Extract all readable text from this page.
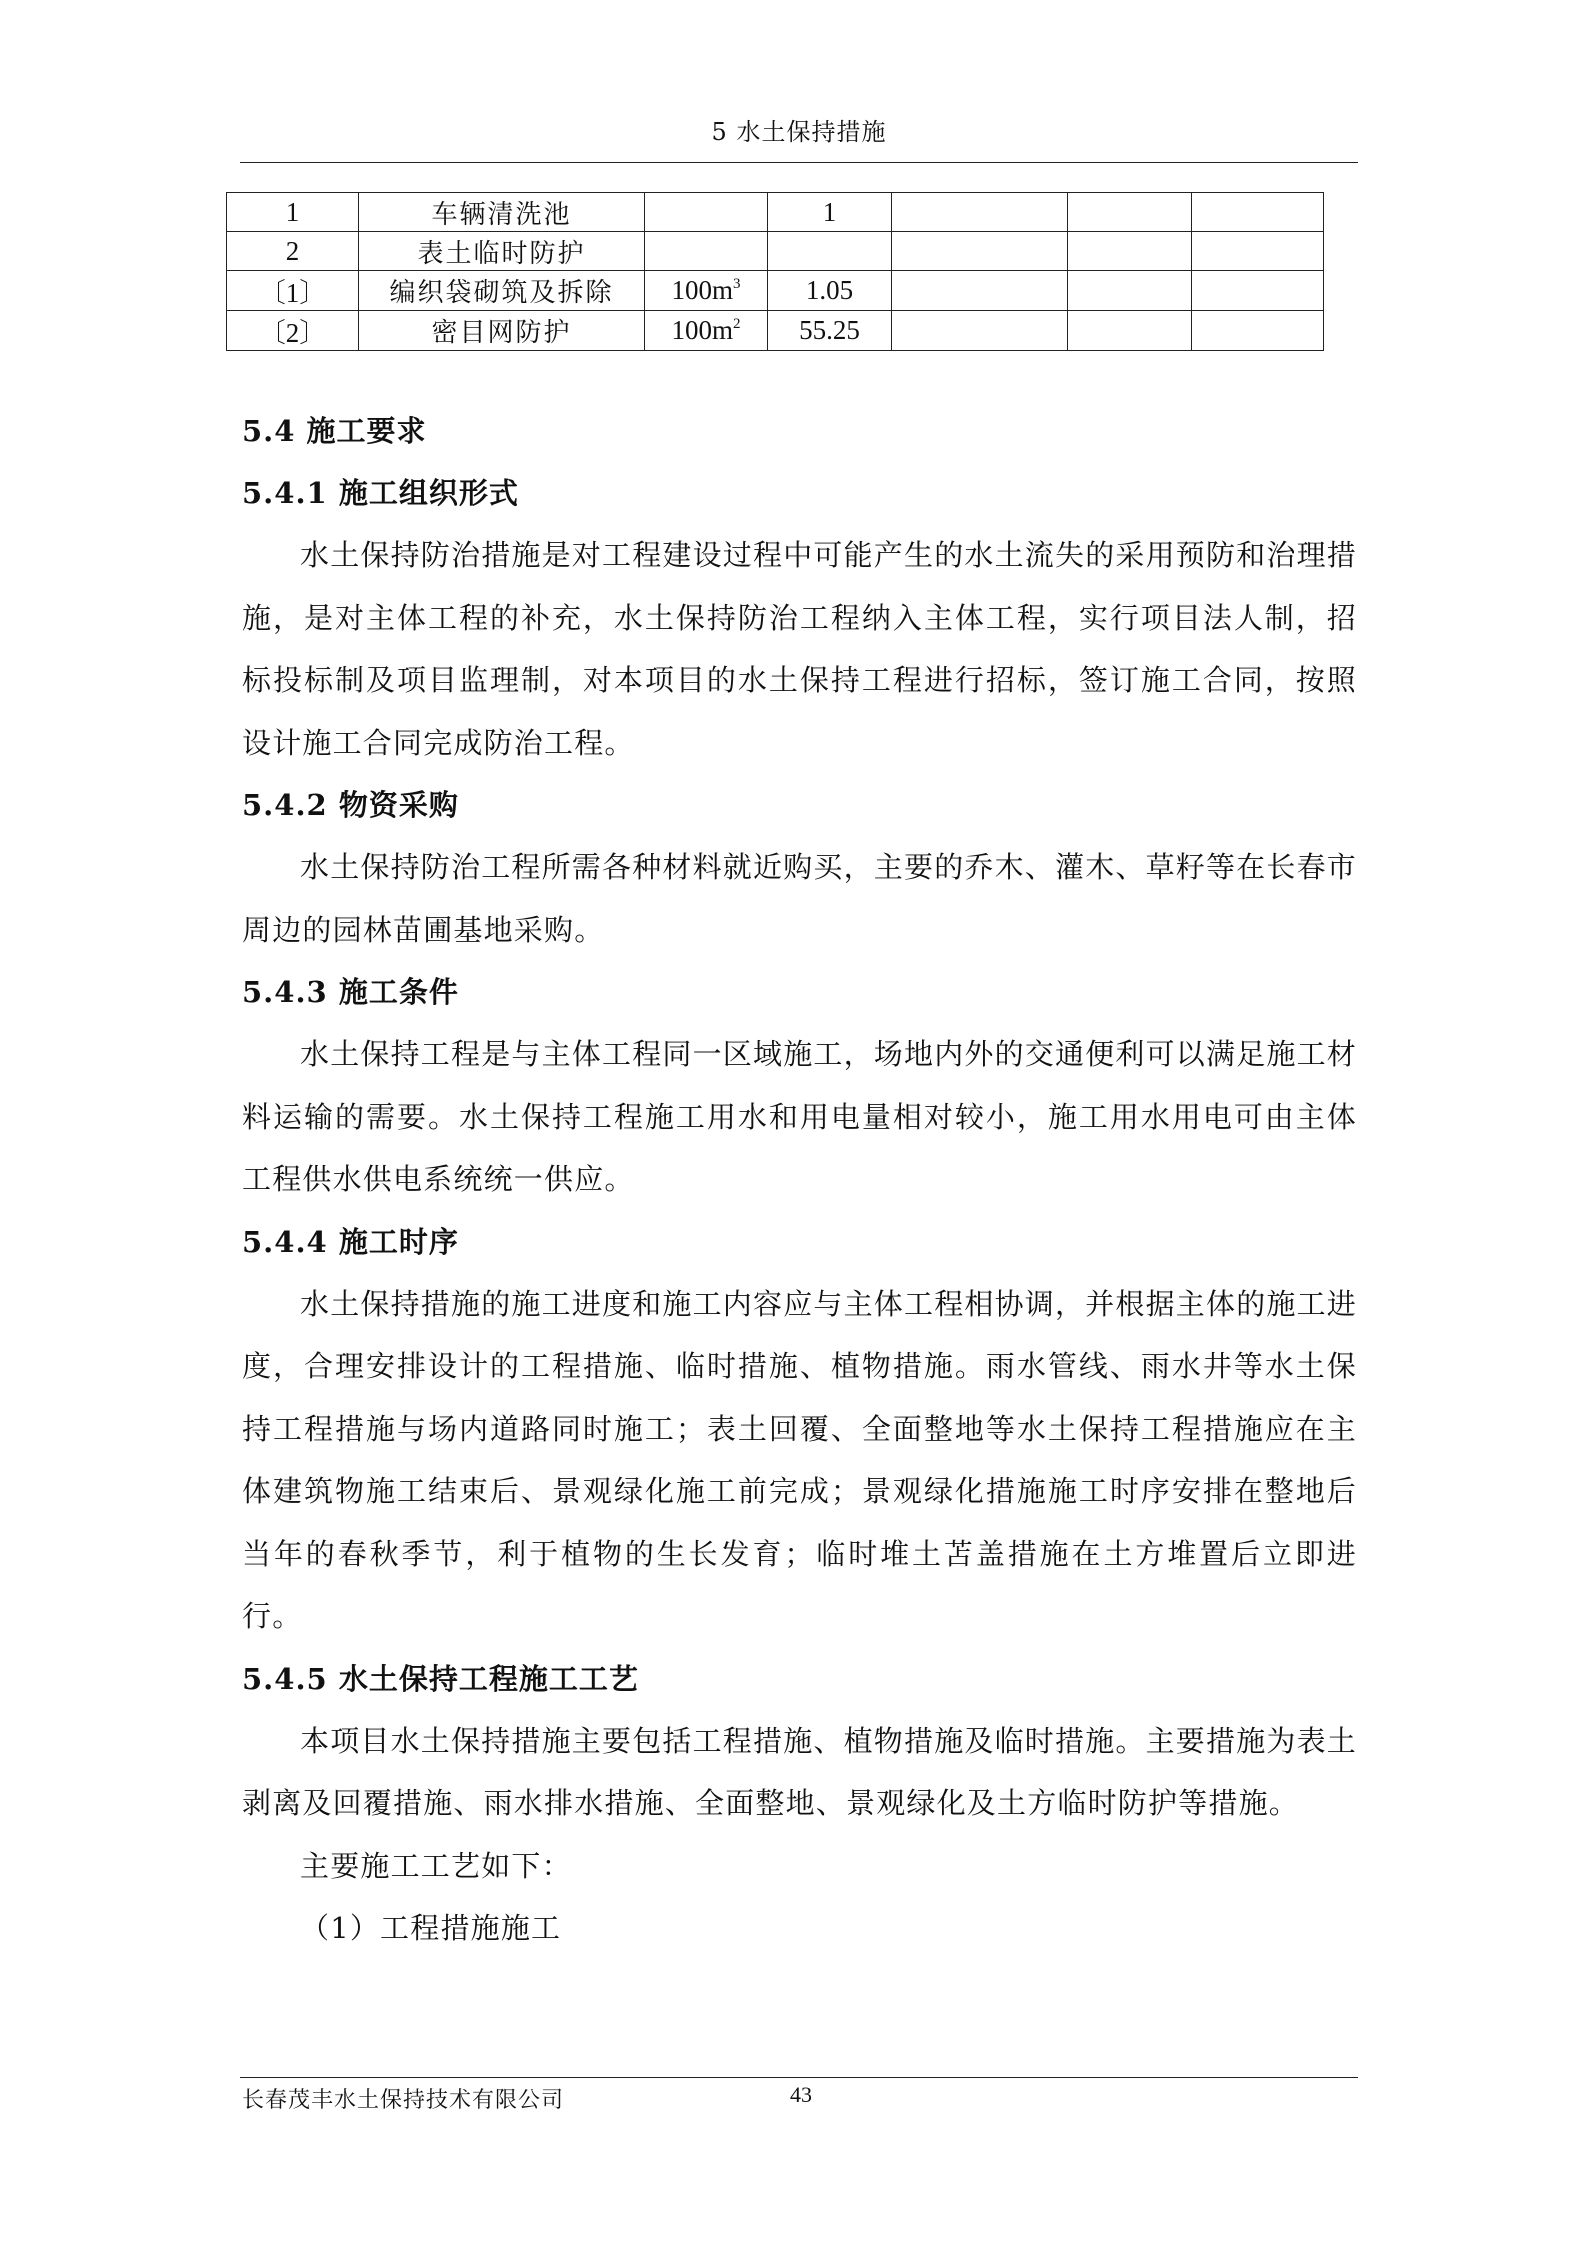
5 水土保持措施
1	车辆清洗池		1			
2	表土临时防护					
〔1〕	编织袋砌筑及拆除	$100m^3$	1.05			
〔2〕	密目网防护	$100m^2$	55.25			
5.4 施工要求
5.4.1 施工组织形式
水土保持防治措施是对工程建设过程中可能产生的水土流失的采用预防和治理措施，是对主体工程的补充，水土保持防治工程纳入主体工程，实行项目法人制，招标投标制及项目监理制，对本项目的水土保持工程进行招标，签订施工合同，按照设计施工合同完成防治工程。
5.4.2 物资采购
水土保持防治工程所需各种材料就近购买，主要的乔木、灌木、草籽等在长春市周边的园林苗圃基地采购。
5.4.3 施工条件
水土保持工程是与主体工程同一区域施工，场地内外的交通便利可以满足施工材料运输的需要。水土保持工程施工用水和用电量相对较小，施工用水用电可由主体工程供水供电系统统一供应。
5.4.4 施工时序
水土保持措施的施工进度和施工内容应与主体工程相协调，并根据主体的施工进度，合理安排设计的工程措施、临时措施、植物措施。雨水管线、雨水井等水土保持工程措施与场内道路同时施工；表土回覆、全面整地等水土保持工程措施应在主体建筑物施工结束后、景观绿化施工前完成；景观绿化措施施工时序安排在整地后当年的春秋季节，利于植物的生长发育；临时堆土苫盖措施在土方堆置后立即进行。
5.4.5 水土保持工程施工工艺
本项目水土保持措施主要包括工程措施、植物措施及临时措施。主要措施为表土剥离及回覆措施、雨水排水措施、全面整地、景观绿化及土方临时防护等措施。
主要施工工艺如下：
（1）工程措施施工
长春茂丰水土保持技术有限公司	43
